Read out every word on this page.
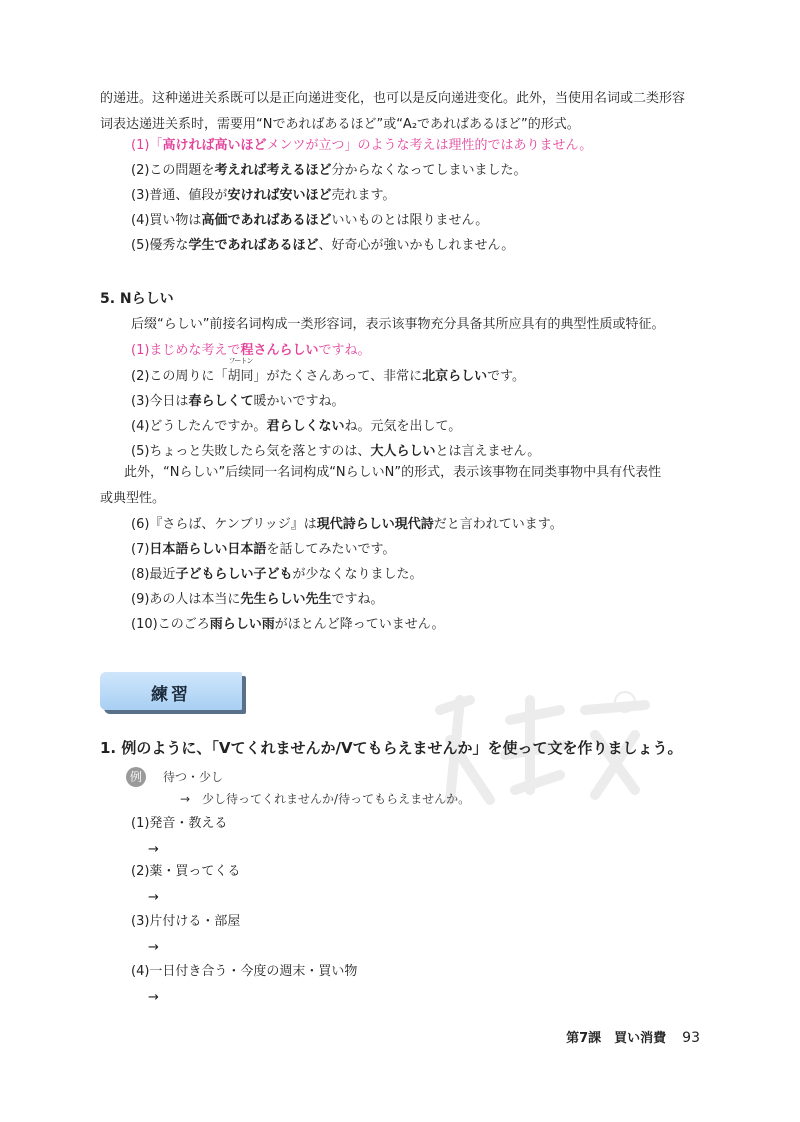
的递进。这种递进关系既可以是正向递进变化，也可以是反向递进变化。此外，当使用名词或二类形容
词表达递进关系时，需要用“Nであればあるほど”或“A₂であればあるほど”的形式。
(1)「高ければ高いほどメンツが立つ」のような考えは理性的ではありません。
(2)この問題を考えれば考えるほど分からなくなってしまいました。
(3)普通、値段が安ければ安いほど売れます。
(4)買い物は高価であればあるほどいいものとは限りません。
(5)優秀な学生であればあるほど、好奇心が強いかもしれません。
5. Nらしい
后缀“らしい”前接名词构成一类形容词，表示该事物充分具备其所应具有的典型性质或特征。
(1)まじめな考えで程さんらしいですね。
(2)この周りに「
フートン
胡同」がたくさんあって、非常に北京らしいです。
(3)今日は春らしくて暖かいですね。
(4)どうしたんですか。君らしくないね。元気を出して。
(5)ちょっと失敗したら気を落とすのは、大人らしいとは言えません。
此外，“Nらしい”后续同一名词构成“NらしいN”的形式，表示该事物在同类事物中具有代表性
或典型性。
(6)『さらば、ケンブリッジ』は現代詩らしい現代詩だと言われています。
(7)日本語らしい日本語を話してみたいです。
(8)最近子どもらしい子どもが少なくなりました。
(9)あの人は本当に先生らしい先生ですね。
(10)このごろ雨らしい雨がほとんど降っていません。
練習
1. 例のように、「Vてくれませんか/Vてもらえませんか」を使って文を作りましょう。
例	待つ・少し
→　少し待ってくれませんか/待ってもらえませんか。
(1)発音・教える
→
(2)薬・買ってくる
→
(3)片付ける・部屋
→
(4)一日付き合う・今度の週末・買い物
→
第7課　買い消費 93
